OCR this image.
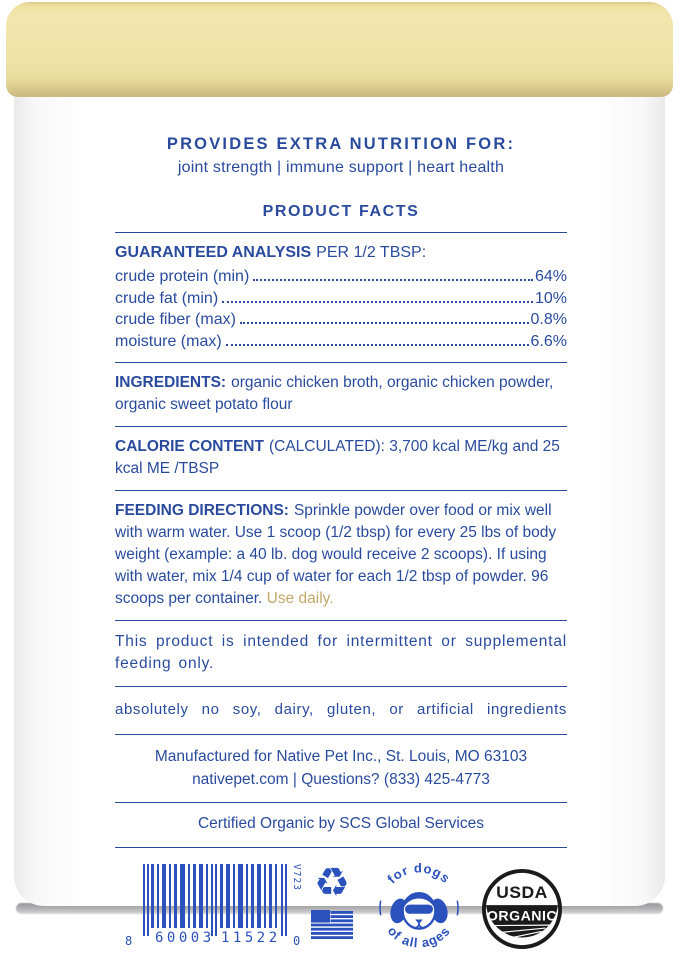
PROVIDES EXTRA NUTRITION FOR:
joint strength | immune support | heart health
PRODUCT FACTS
GUARANTEED ANALYSIS PER 1/2 TBSP:
crude protein (min)	64%
crude fat (min)	10%
crude fiber (max)	0.8%
moisture (max)	6.6%

INGREDIENTS: organic chicken broth, organic chicken powder, organic sweet potato flour

CALORIE CONTENT (CALCULATED): 3,700 kcal ME/kg and 25 kcal ME /TBSP

FEEDING DIRECTIONS: Sprinkle powder over food or mix well with warm water. Use 1 scoop (1/2 tbsp) for every 25 lbs of body weight (example: a 40 lb. dog would receive 2 scoops). If using with water, mix 1/4 cup of water for each 1/2 tbsp of powder. 96 scoops per container. Use daily.

This product is intended for intermittent or supplemental feeding only.
absolutely no soy, dairy, gluten, or artificial ingredients
Manufactured for Native Pet Inc., St. Louis, MO 63103
nativepet.com | Questions? (833) 425-4773
Certified Organic by SCS Global Services
8 60003 11522 0
V723 ♻	for dogs
of all ages
USDA
ORGANIC
